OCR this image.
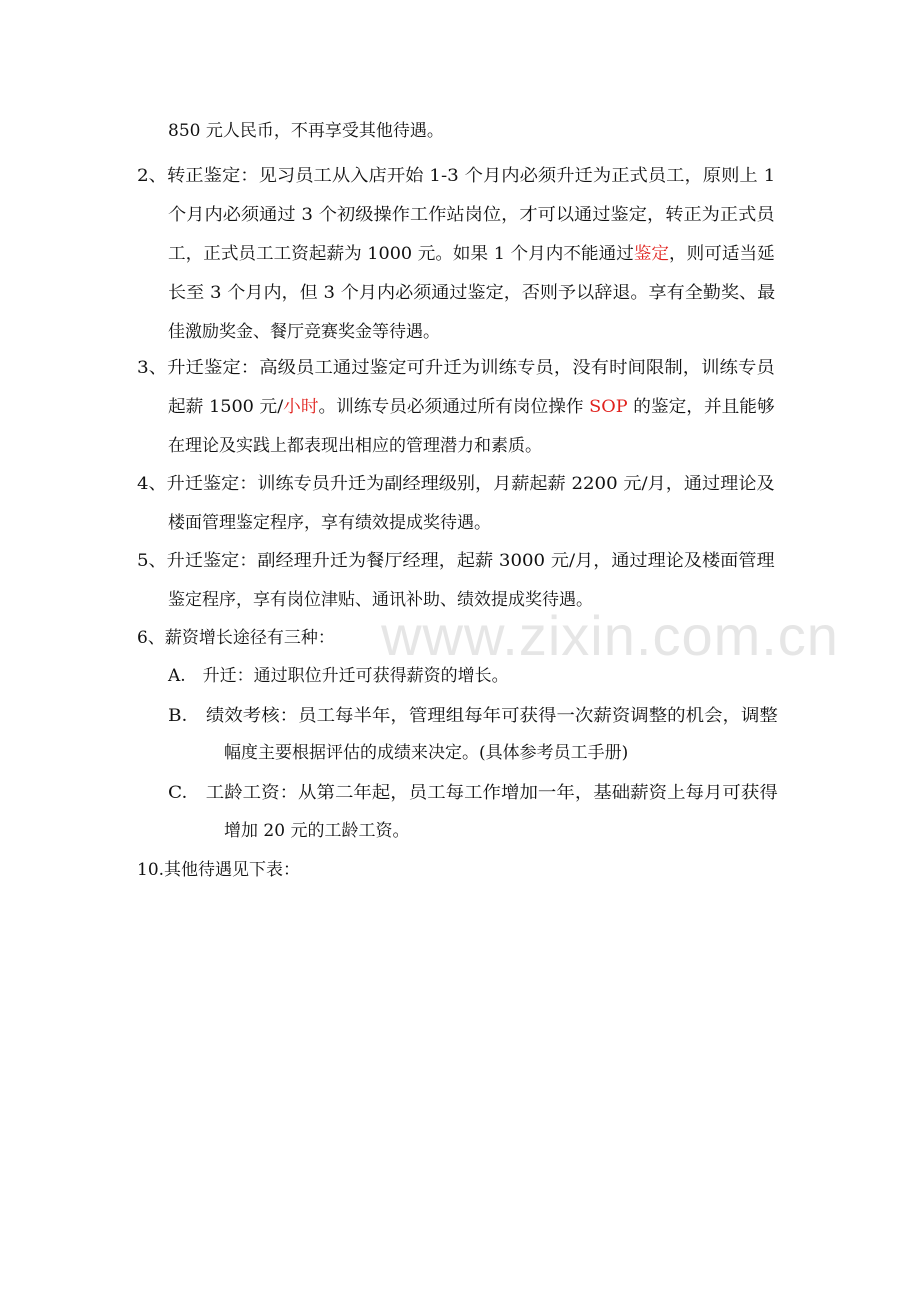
www.zixin.com.cn
850 元人民币，不再享受其他待遇。
2、转正鉴定：见习员工从入店开始 1-3 个月内必须升迁为正式员工，原则上 1
个月内必须通过 3 个初级操作工作站岗位，才可以通过鉴定，转正为正式员
工，正式员工工资起薪为 1000 元。如果 1 个月内不能通过鉴定，则可适当延
长至 3 个月内，但 3 个月内必须通过鉴定，否则予以辞退。享有全勤奖、最
佳激励奖金、餐厅竞赛奖金等待遇。
3、升迁鉴定：高级员工通过鉴定可升迁为训练专员，没有时间限制，训练专员
起薪 1500 元/小时。训练专员必须通过所有岗位操作 SOP 的鉴定，并且能够
在理论及实践上都表现出相应的管理潜力和素质。
4、升迁鉴定：训练专员升迁为副经理级别，月薪起薪 2200 元/月，通过理论及
楼面管理鉴定程序，享有绩效提成奖待遇。
5、升迁鉴定：副经理升迁为餐厅经理，起薪 3000 元/月，通过理论及楼面管理
鉴定程序，享有岗位津贴、通讯补助、绩效提成奖待遇。
6、薪资增长途径有三种：
A.　升迁：通过职位升迁可获得薪资的增长。
B.　绩效考核：员工每半年，管理组每年可获得一次薪资调整的机会，调整
幅度主要根据评估的成绩来决定。(具体参考员工手册)
C.　工龄工资：从第二年起，员工每工作增加一年，基础薪资上每月可获得
增加 20 元的工龄工资。
10.其他待遇见下表：
